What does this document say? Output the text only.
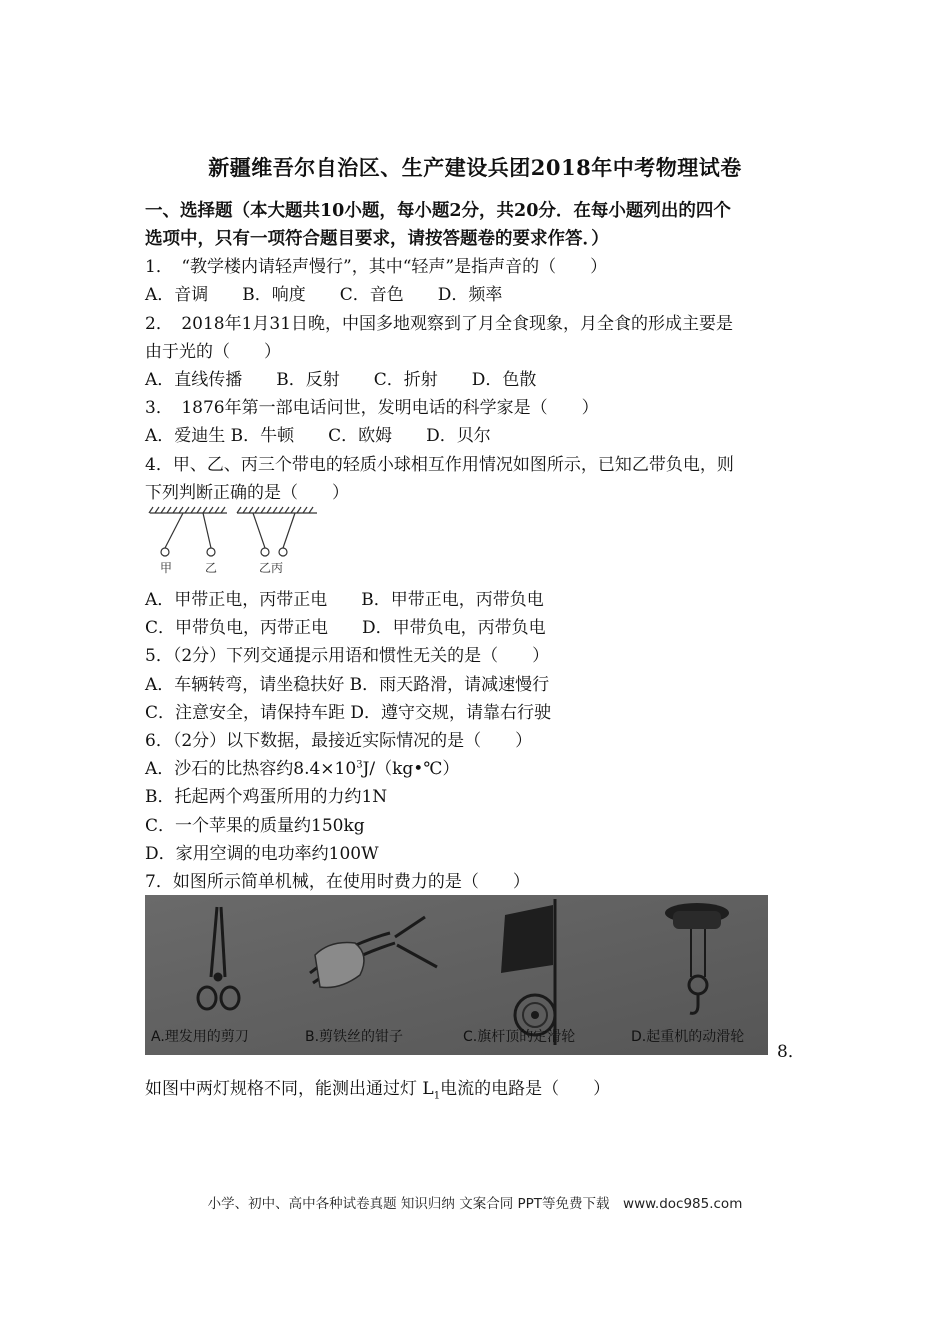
新疆维吾尔自治区、生产建设兵团2018年中考物理试卷
一、选择题（本大题共10小题，每小题2分，共20分．在每小题列出的四个
选项中，只有一项符合题目要求，请按答题卷的要求作答．）
1．　“教学楼内请轻声慢行”，其中“轻声”是指声音的（　　）
A．音调　　B．响度　　C．音色　　D．频率
2．　2018年1月31日晚，中国多地观察到了月全食现象，月全食的形成主要是
由于光的（　　）
A．直线传播　　B．反射　　C．折射　　D．色散
3．　1876年第一部电话问世，发明电话的科学家是（　　）
A．爱迪生 B．牛顿　　C．欧姆　　D．贝尔
4．甲、乙、丙三个带电的轻质小球相互作用情况如图所示，已知乙带负电，则
下列判断正确的是（　　）
甲	乙	乙丙
A．甲带正电，丙带正电　　B．甲带正电，丙带负电
C．甲带负电，丙带正电　　D．甲带负电，丙带负电
5．（2分）下列交通提示用语和惯性无关的是（　　）
A．车辆转弯，请坐稳扶好 B．雨天路滑，请减速慢行
C．注意安全，请保持车距 D．遵守交规，请靠右行驶
6．（2分）以下数据，最接近实际情况的是（　　）
A．沙石的比热容约$8.4\times 10^3J/(kg•℃)$
B．托起两个鸡蛋所用的力约1N
C．一个苹果的质量约150kg
D．家用空调的电功率约100W
7．如图所示简单机械，在使用时费力的是（　　）
A.理发用的剪刀	B.剪铁丝的钳子	C.旗杆顶的定滑轮	D.起重机的动滑轮
8．
如图中两灯规格不同，能测出通过灯 $L_1$电流的电路是（　　）
小学、初中、高中各种试卷真题 知识归纳 文案合同 PPT等免费下载　www.doc985.com
